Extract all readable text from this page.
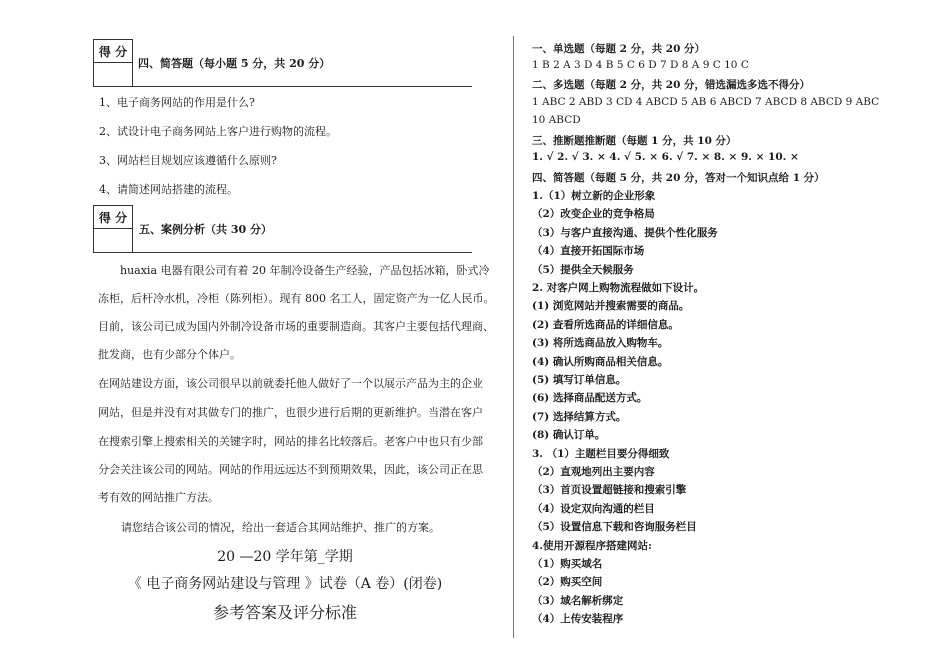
得 分
四、简答题（每小题 5 分，共 20 分）
1、电子商务网站的作用是什么?
2、试设计电子商务网站上客户进行购物的流程。
3、网站栏目规划应该遵循什么原则?
4、请简述网站搭建的流程。
得 分
五、案例分析（共 30 分）
huaxia 电器有限公司有着 20 年制冷设备生产经验，产品包括冰箱，卧式冷
冻柜，后杆冷水机，冷柜（陈列柜）。现有 800 名工人，固定资产为一亿人民币。
目前，该公司已成为国内外制冷设备市场的重要制造商。其客户主要包括代理商、
批发商，也有少部分个体户。
在网站建设方面，该公司很早以前就委托他人做好了一个以展示产品为主的企业
网站，但是并没有对其做专门的推广，也很少进行后期的更新维护。当潜在客户
在搜索引擎上搜索相关的关键字时，网站的排名比较落后。老客户中也只有少部
分会关注该公司的网站。网站的作用远远达不到预期效果，因此，该公司正在思
考有效的网站推广方法。
请您结合该公司的情况，给出一套适合其网站维护、推广的方案。
20 —20 学年第_学期
《 电子商务网站建设与管理 》试卷（A 卷）(闭卷)
参考答案及评分标准
一、单选题（每题 2 分，共 20 分）
1 B 2 A 3 D 4 B 5 C 6 D 7 D 8 A 9 C 10 C
二、多选题（每题 2 分，共 20 分，错选漏选多选不得分）
1 ABC 2 ABD 3 CD 4 ABCD 5 AB 6 ABCD 7 ABCD 8 ABCD 9 ABC
10 ABCD
三、推断题推断题（每题 1 分，共 10 分）
1. √ 2. √ 3. × 4. √ 5. × 6. √ 7. × 8. × 9. × 10. ×
四、简答题（每题 5 分，共 20 分，答对一个知识点给 1 分）
1.（1）树立新的企业形象
（2）改变企业的竞争格局
（3）与客户直接沟通、提供个性化服务
（4）直接开拓国际市场
（5）提供全天候服务
2. 对客户网上购物流程做如下设计。
(1) 浏览网站并搜索需要的商品。
(2) 查看所选商品的详细信息。
(3) 将所选商品放入购物车。
(4) 确认所购商品相关信息。
(5) 填写订单信息。
(6) 选择商品配送方式。
(7) 选择结算方式。
(8) 确认订单。
3. （1）主题栏目要分得细致
（2）直观地列出主要内容
（3）首页设置超链接和搜索引擎
（4）设定双向沟通的栏目
（5）设置信息下载和咨询服务栏目
4.使用开源程序搭建网站:
（1）购买域名
（2）购买空间
（3）域名解析绑定
（4）上传安装程序
